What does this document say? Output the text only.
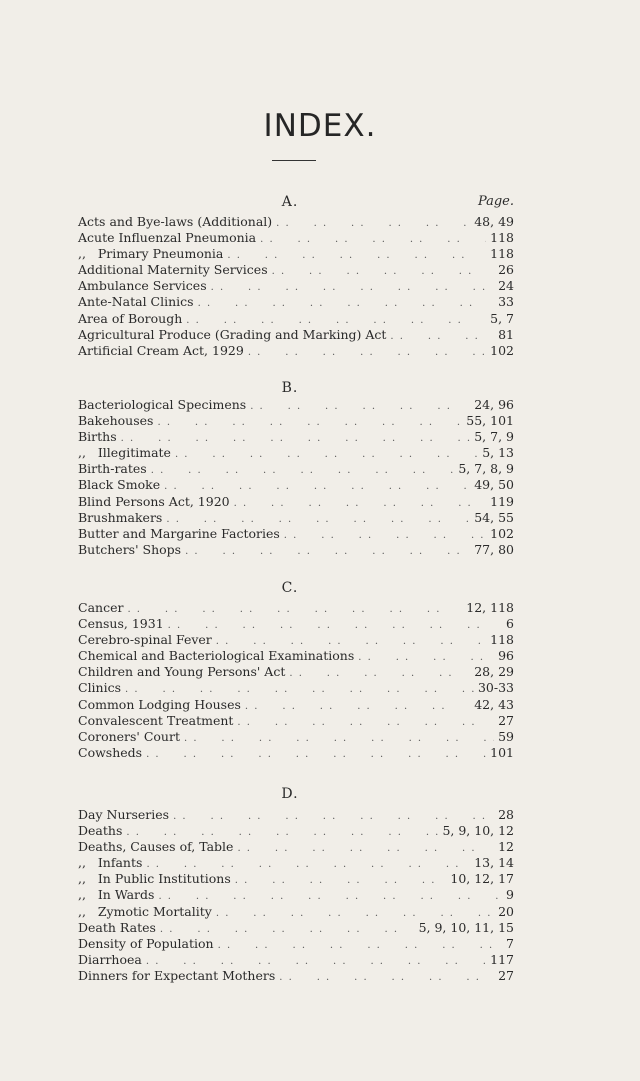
INDEX.
A.	Page.
Acts and Bye-laws (Additional) . .	48, 49
Acute Influenzal Pneumonia . .	118
,,   Primary Pneumonia . .	118
Additional Maternity Services . .	26
Ambulance Services . .	24
Ante-Natal Clinics . .	33
Area of Borough . .	5, 7
Agricultural Produce (Grading and Marking) Act . .	81
Artificial Cream Act, 1929 . .	102
B.
Bacteriological Specimens . .	24, 96
Bakehouses . .	55, 101
Births . .	5, 7, 9
,,   Illegitimate . .	5, 13
Birth-rates . .	5, 7, 8, 9
Black Smoke . .	49, 50
Blind Persons Act, 1920 . .	119
Brushmakers . .	54, 55
Butter and Margarine Factories . .	102
Butchers' Shops . .	77, 80
C.
Cancer . .	12, 118
Census, 1931 . .	6
Cerebro-spinal Fever . .	118
Chemical and Bacteriological Examinations . .	96
Children and Young Persons' Act . .	28, 29
Clinics . .	30-33
Common Lodging Houses . .	42, 43
Convalescent Treatment . .	27
Coroners' Court . .	59
Cowsheds . .	101
D.
Day Nurseries . .	28
Deaths . .	5, 9, 10, 12
Deaths, Causes of, Table . .	12
,,   Infants . .	13, 14
,,   In Public Institutions . .	10, 12, 17
,,   In Wards . .	9
,,   Zymotic Mortality . .	20
Death Rates . .	5, 9, 10, 11, 15
Density of Population . .	7
Diarrhoea . .	117
Dinners for Expectant Mothers . .	27
